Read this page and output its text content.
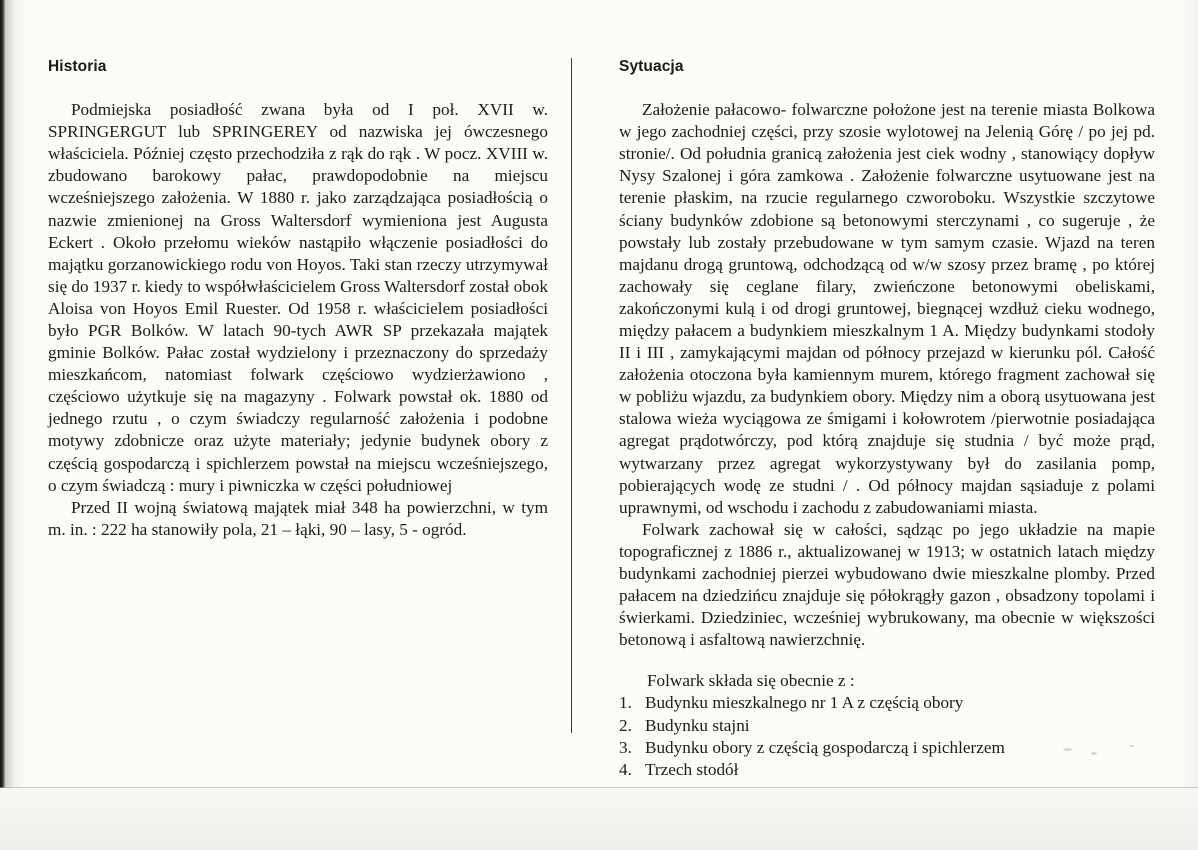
Historia

Podmiejska posiadłość zwana była od I poł. XVII w. SPRINGERGUT lub SPRINGEREY od nazwiska jej ówczesnego właściciela. Później często przechodziła z rąk do rąk . W pocz. XVIII w. zbudowano barokowy pałac, prawdopodobnie na miejscu wcześniejszego założenia. W 1880 r. jako zarządzająca posiadłością o nazwie zmienionej na Gross Waltersdorf wymieniona jest Augusta Eckert . Około przełomu wieków nastąpiło włączenie posiadłości do majątku gorzanowickiego rodu von Hoyos. Taki stan rzeczy utrzymywał się do 1937 r. kiedy to współwłaścicielem Gross Waltersdorf został obok Aloisa von Hoyos Emil Ruester. Od 1958 r. właścicielem posiadłości było PGR Bolków. W latach 90-tych AWR SP przekazała majątek gminie Bolków. Pałac został wydzielony i przeznaczony do sprzedaży mieszkańcom, natomiast folwark częściowo wydzierżawiono , częściowo użytkuje się na magazyny . Folwark powstał ok. 1880 od jednego rzutu , o czym świadczy regularność założenia i podobne motywy zdobnicze oraz użyte materiały; jedynie budynek obory z częścią gospodarczą i spichlerzem powstał na miejscu wcześniejszego, o czym świadczą : mury i piwniczka w części południowej

Przed II wojną światową majątek miał 348 ha powierzchni, w tym m. in. : 222 ha stanowiły pola, 21 – łąki, 90 – lasy, 5 - ogród.

Sytuacja

Założenie pałacowo- folwarczne położone jest na terenie miasta Bolkowa w jego zachodniej części, przy szosie wylotowej na Jelenią Górę / po jej pd. stronie/. Od południa granicą założenia jest ciek wodny , stanowiący dopływ Nysy Szalonej i góra zamkowa . Założenie folwarczne usytuowane jest na terenie płaskim, na rzucie regularnego czworoboku. Wszystkie szczytowe ściany budynków zdobione są betonowymi sterczynami , co sugeruje , że powstały lub zostały przebudowane w tym samym czasie. Wjazd na teren majdanu drogą gruntową, odchodzącą od w/w szosy przez bramę , po której zachowały się ceglane filary, zwieńczone betonowymi obeliskami, zakończonymi kulą i od drogi gruntowej, biegnącej wzdłuż cieku wodnego, między pałacem a budynkiem mieszkalnym 1 A. Między budynkami stodoły II i III , zamykającymi majdan od północy przejazd w kierunku pól. Całość założenia otoczona była kamiennym murem, którego fragment zachował się w pobliżu wjazdu, za budynkiem obory. Między nim a oborą usytuowana jest stalowa wieża wyciągowa ze śmigami i kołowrotem /pierwotnie posiadająca agregat prądotwórczy, pod którą znajduje się studnia / być może prąd, wytwarzany przez agregat wykorzystywany był do zasilania pomp, pobierających wodę ze studni / . Od północy majdan sąsiaduje z polami uprawnymi, od wschodu i zachodu z zabudowaniami miasta.

Folwark zachował się w całości, sądząc po jego układzie na mapie topograficznej z 1886 r., aktualizowanej w 1913; w ostatnich latach między budynkami zachodniej pierzei wybudowano dwie mieszkalne plomby. Przed pałacem na dziedzińcu znajduje się półokrągły gazon , obsadzony topolami i świerkami. Dziedziniec, wcześniej wybrukowany, ma obecnie w większości betonową i asfaltową nawierzchnię.

Folwark składa się obecnie z :

1. Budynku mieszkalnego nr 1 A z częścią obory
2. Budynku stajni
3. Budynku obory z częścią gospodarczą i spichlerzem
4. Trzech stodół
